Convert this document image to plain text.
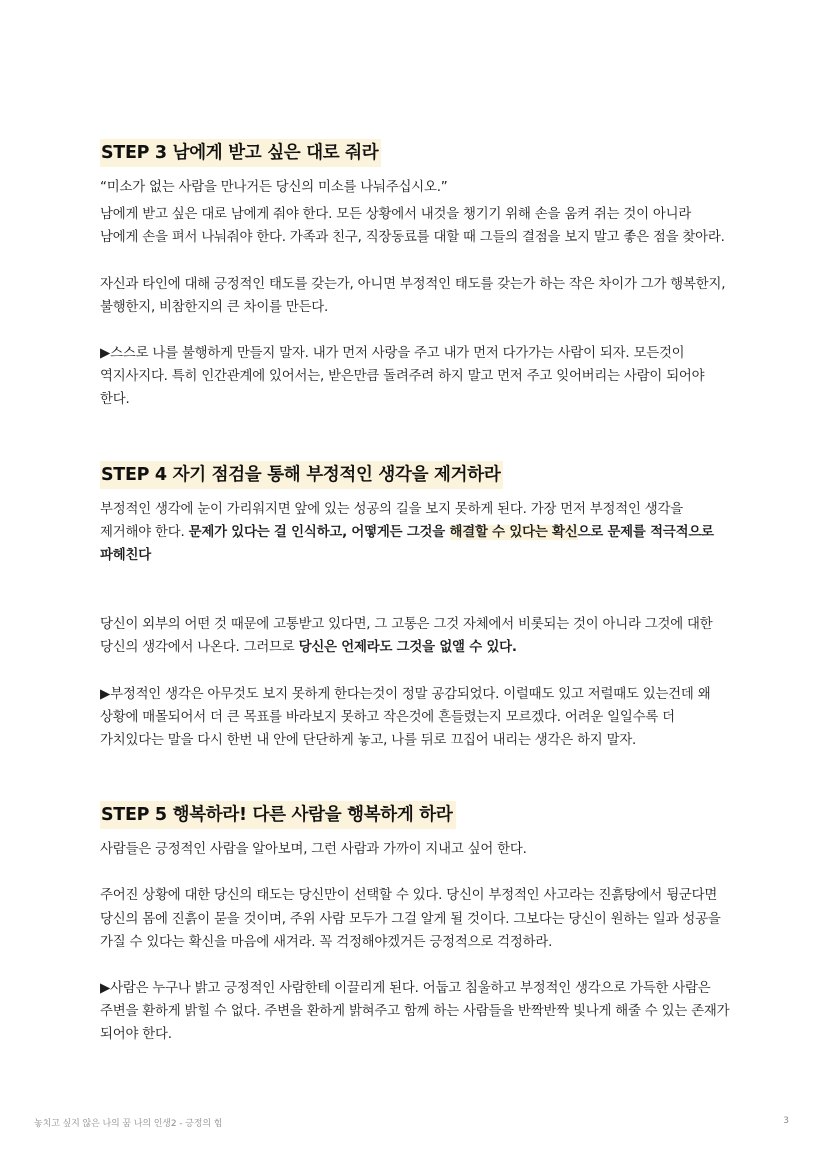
STEP 3 남에게 받고 싶은 대로 줘라

“미소가 없는 사람을 만나거든 당신의 미소를 나눠주십시오.”

남에게 받고 싶은 대로 남에게 줘야 한다. 모든 상황에서 내것을 챙기기 위해 손을 움켜 쥐는 것이 아니라 남에게 손을 펴서 나눠줘야 한다. 가족과 친구, 직장동료를 대할 때 그들의 결점을 보지 말고 좋은 점을 찾아라.

자신과 타인에 대해 긍정적인 태도를 갖는가, 아니면 부정적인 태도를 갖는가 하는 작은 차이가 그가 행복한지, 불행한지, 비참한지의 큰 차이를 만든다.

▶스스로 나를 불행하게 만들지 말자. 내가 먼저 사랑을 주고 내가 먼저 다가가는 사람이 되자. 모든것이 역지사지다. 특히 인간관계에 있어서는, 받은만큼 돌려주려 하지 말고 먼저 주고 잊어버리는 사람이 되어야 한다.

STEP 4 자기 점검을 통해 부정적인 생각을 제거하라

부정적인 생각에 눈이 가리워지면 앞에 있는 성공의 길을 보지 못하게 된다. 가장 먼저 부정적인 생각을 제거해야 한다. 문제가 있다는 걸 인식하고, 어떻게든 그것을 해결할 수 있다는 확신으로 문제를 적극적으로 파헤친다

당신이 외부의 어떤 것 때문에 고통받고 있다면, 그 고통은 그것 자체에서 비롯되는 것이 아니라 그것에 대한 당신의 생각에서 나온다. 그러므로 당신은 언제라도 그것을 없앨 수 있다.

▶부정적인 생각은 아무것도 보지 못하게 한다는것이 정말 공감되었다. 이럴때도 있고 저럴때도 있는건데 왜 상황에 매몰되어서 더 큰 목표를 바라보지 못하고 작은것에 흔들렸는지 모르겠다. 어려운 일일수록 더 가치있다는 말을 다시 한번 내 안에 단단하게 놓고, 나를 뒤로 끄집어 내리는 생각은 하지 말자.

STEP 5 행복하라! 다른 사람을 행복하게 하라

사람들은 긍정적인 사람을 알아보며, 그런 사람과 가까이 지내고 싶어 한다.

주어진 상황에 대한 당신의 태도는 당신만이 선택할 수 있다. 당신이 부정적인 사고라는 진흙탕에서 뒹군다면 당신의 몸에 진흙이 묻을 것이며, 주위 사람 모두가 그걸 알게 될 것이다. 그보다는 당신이 원하는 일과 성공을 가질 수 있다는 확신을 마음에 새겨라. 꼭 걱정해야겠거든 긍정적으로 걱정하라.

▶사람은 누구나 밝고 긍정적인 사람한테 이끌리게 된다. 어둡고 침울하고 부정적인 생각으로 가득한 사람은 주변을 환하게 밝힐 수 없다. 주변을 환하게 밝혀주고 함께 하는 사람들을 반짝반짝 빛나게 해줄 수 있는 존재가 되어야 한다.

놓치고 싶지 않은 나의 꿈 나의 인생2 - 긍정의 힘	3
